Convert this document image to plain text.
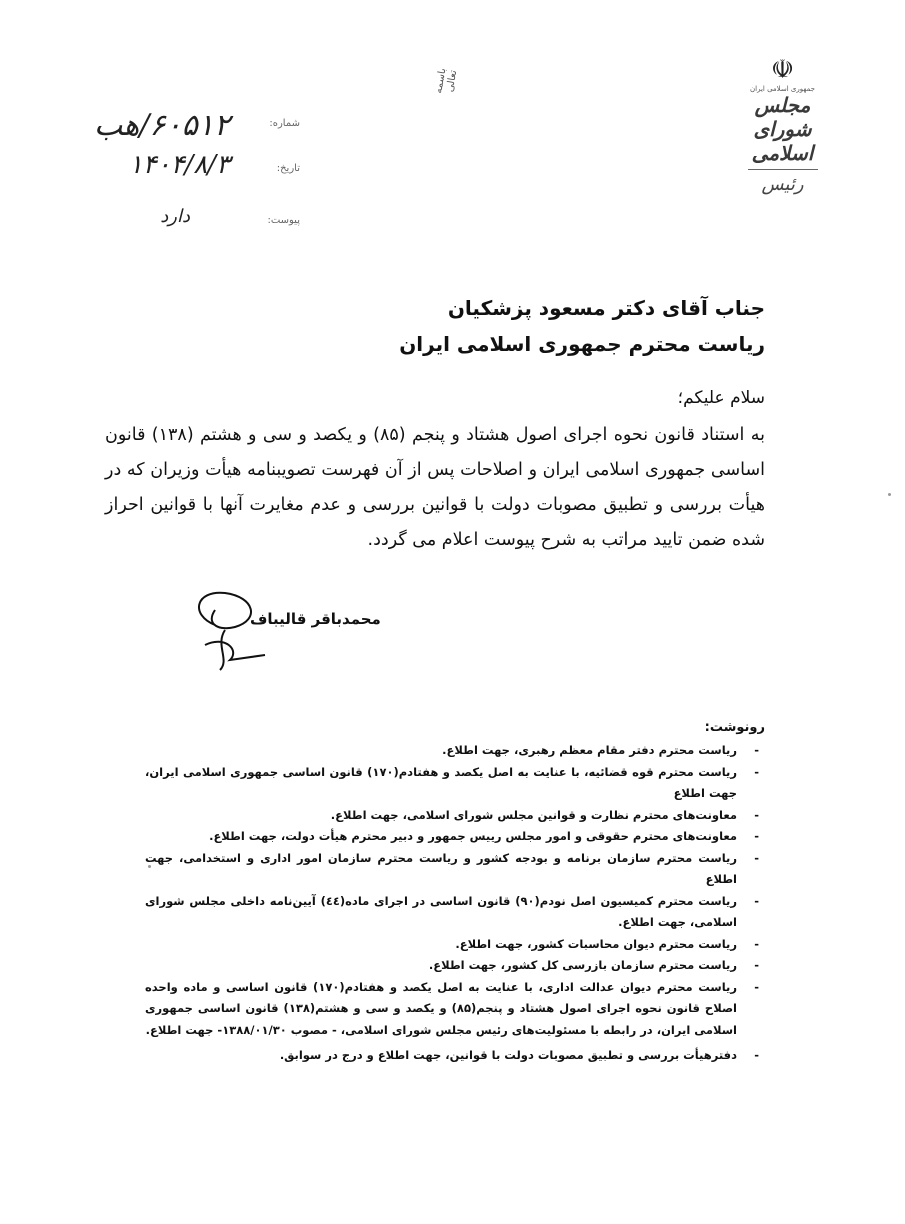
☫
جمهوری اسلامی ایران
مجلس شورای اسلامی
رئیس
باسمه تعالی
شماره:
۶۰۵۱۲/هب
تاریخ:
۱۴۰۴/۸/۳
پیوست:
دارد
جناب آقای دکتر مسعود پزشکیان
ریاست محترم جمهوری اسلامی ایران
سلام علیکم؛
به استناد قانون نحوه اجرای اصول هشتاد و پنجم (۸۵) و یکصد و سی و هشتم (۱۳۸) قانون اساسی جمهوری اسلامی ایران و اصلاحات پس از آن فهرست تصویبنامه هیأت وزیران که در هیأت بررسی و تطبیق مصوبات دولت با قوانین بررسی و عدم مغایرت آنها با قوانین احراز شده ضمن تایید مراتب به شرح پیوست اعلام می گردد.
محمدباقر قالیباف
رونوشت:
- ریاست محترم دفتر مقام معظم رهبری، جهت اطلاع.
- ریاست محترم قوه قضائیه، با عنایت به اصل یکصد و هفتادم(۱۷۰) قانون اساسی جمهوری اسلامی ایران، جهت اطلاع
- معاونت‌های محترم نظارت و قوانین مجلس شورای اسلامی، جهت اطلاع.
- معاونت‌های محترم حقوقی و امور مجلس رییس جمهور و دبیر محترم هیأت دولت، جهت اطلاع.
- ریاست محترم سازمان برنامه و بودجه کشور و ریاست محترم سازمان امور اداری و استخدامی، جهت اطلاع
- ریاست محترم کمیسیون اصل نودم(۹۰) قانون اساسی در اجرای ماده(٤٤) آیین‌نامه داخلی مجلس شورای اسلامی، جهت اطلاع.
- ریاست محترم دیوان محاسبات کشور، جهت اطلاع.
- ریاست محترم سازمان بازرسی کل کشور، جهت اطلاع.
- ریاست محترم دیوان عدالت اداری، با عنایت به اصل یکصد و هفتادم(۱۷۰) قانون اساسی و ماده واحده اصلاح قانون نحوه اجرای اصول هشتاد و پنجم(۸۵) و یکصد و سی و هشتم(۱۳۸) قانون اساسی جمهوری اسلامی ایران، در رابطه با مسئولیت‌های رئیس مجلس شورای اسلامی، - مصوب ۱۳۸۸/۰۱/۳۰- جهت اطلاع.
- دفترهیأت بررسی و تطبیق مصوبات دولت با قوانین، جهت اطلاع و درج در سوابق.
